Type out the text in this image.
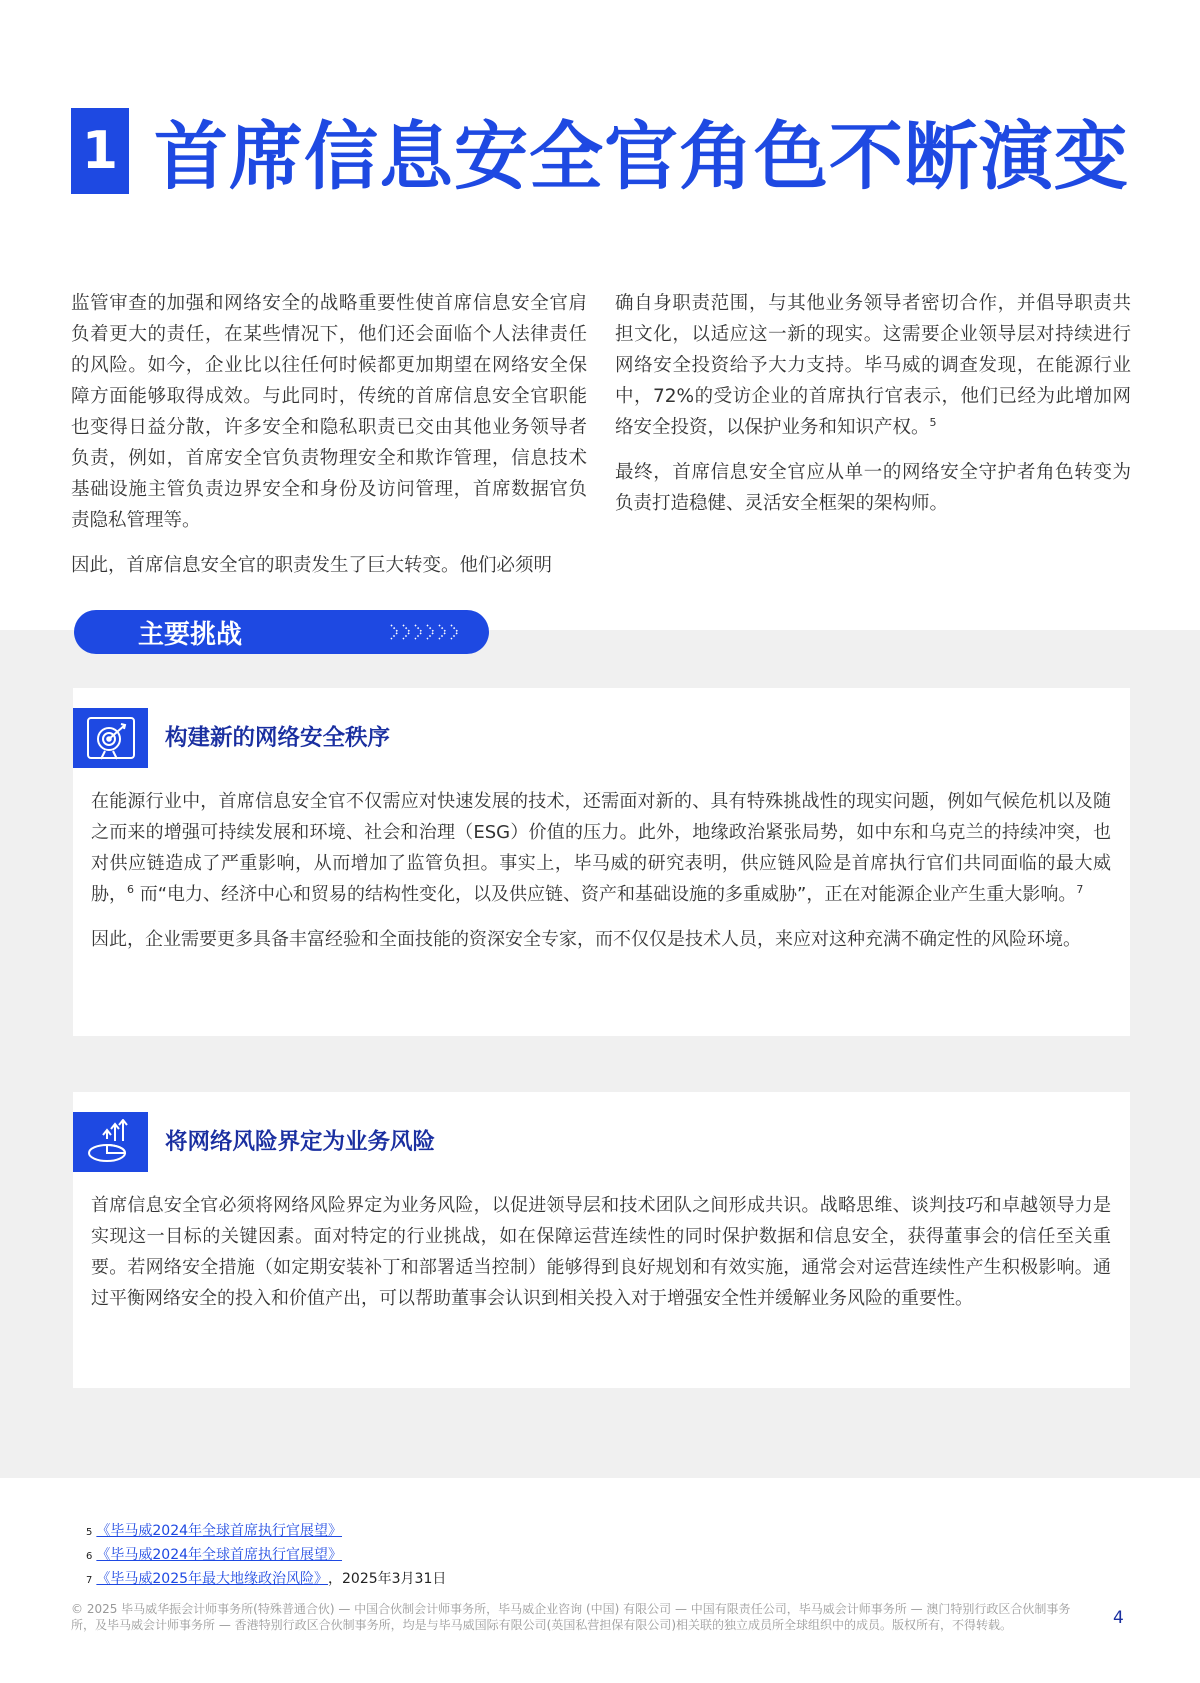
1 首席信息安全官角色不断演变

监管审查的加强和网络安全的战略重要性使首席信息安全官肩负着更大的责任，在某些情况下，他们还会面临个人法律责任的风险。如今，企业比以往任何时候都更加期望在网络安全保障方面能够取得成效。与此同时，传统的首席信息安全官职能也变得日益分散，许多安全和隐私职责已交由其他业务领导者负责，例如，首席安全官负责物理安全和欺诈管理，信息技术基础设施主管负责边界安全和身份及访问管理，首席数据官负责隐私管理等。

因此，首席信息安全官的职责发生了巨大转变。他们必须明

确自身职责范围，与其他业务领导者密切合作，并倡导职责共担文化，以适应这一新的现实。这需要企业领导层对持续进行网络安全投资给予大力支持。毕马威的调查发现，在能源行业中，72%的受访企业的首席执行官表示，他们已经为此增加网络安全投资，以保护业务和知识产权。$^5$

最终，首席信息安全官应从单一的网络安全守护者角色转变为负责打造稳健、灵活安全框架的架构师。

主要挑战
构建新的网络安全秩序

在能源行业中，首席信息安全官不仅需应对快速发展的技术，还需面对新的、具有特殊挑战性的现实问题，例如气候危机以及随之而来的增强可持续发展和环境、社会和治理（ESG）价值的压力。此外，地缘政治紧张局势，如中东和乌克兰的持续冲突，也对供应链造成了严重影响，从而增加了监管负担。事实上，毕马威的研究表明，供应链风险是首席执行官们共同面临的最大威胁，$^6$ 而“电力、经济中心和贸易的结构性变化，以及供应链、资产和基础设施的多重威胁”，正在对能源企业产生重大影响。$^7$

因此，企业需要更多具备丰富经验和全面技能的资深安全专家，而不仅仅是技术人员，来应对这种充满不确定性的风险环境。

将网络风险界定为业务风险

首席信息安全官必须将网络风险界定为业务风险，以促进领导层和技术团队之间形成共识。战略思维、谈判技巧和卓越领导力是实现这一目标的关键因素。面对特定的行业挑战，如在保障运营连续性的同时保护数据和信息安全，获得董事会的信任至关重要。若网络安全措施（如定期安装补丁和部署适当控制）能够得到良好规划和有效实施，通常会对运营连续性产生积极影响。通过平衡网络安全的投入和价值产出，可以帮助董事会认识到相关投入对于增强安全性并缓解业务风险的重要性。

5 《毕马威2024年全球首席执行官展望》
6 《毕马威2024年全球首席执行官展望》
7 《毕马威2025年最大地缘政治风险》 ，2025年3月31日
© 2025 毕马威华振会计师事务所(特殊普通合伙) — 中国合伙制会计师事务所，毕马威企业咨询 (中国) 有限公司 — 中国有限责任公司，毕马威会计师事务所 — 澳门特别行政区合伙制事务所，及毕马威会计师事务所 — 香港特别行政区合伙制事务所，均是与毕马威国际有限公司(英国私营担保有限公司)相关联的独立成员所全球组织中的成员。版权所有，不得转载。	4
